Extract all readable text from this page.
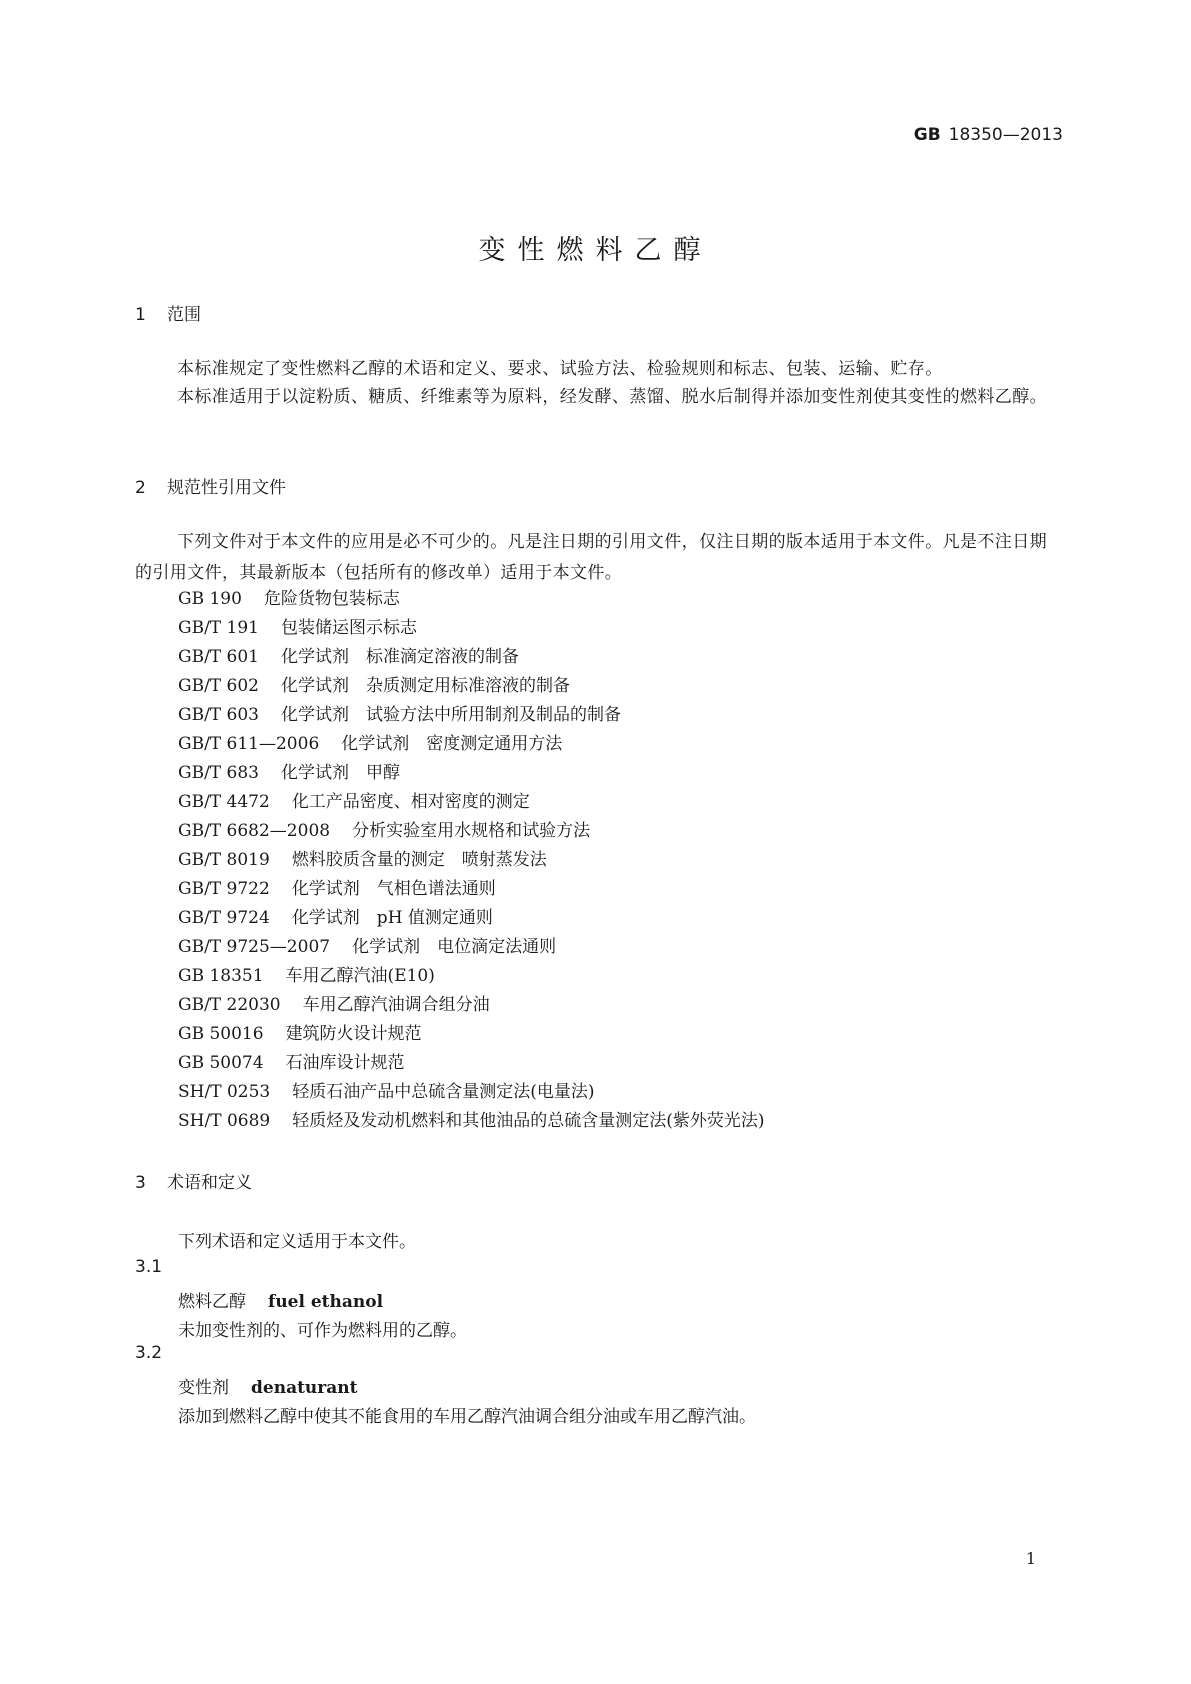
GB 18350—2013
变性燃料乙醇
1 范围
本标准规定了变性燃料乙醇的术语和定义、要求、试验方法、检验规则和标志、包装、运输、贮存。
本标准适用于以淀粉质、糖质、纤维素等为原料，经发酵、蒸馏、脱水后制得并添加变性剂使其变性的燃料乙醇。
2 规范性引用文件
下列文件对于本文件的应用是必不可少的。凡是注日期的引用文件，仅注日期的版本适用于本文件。凡是不注日期的引用文件，其最新版本（包括所有的修改单）适用于本文件。
GB 190 危险货物包装标志
GB/T 191 包装储运图示标志
GB/T 601 化学试剂　标准滴定溶液的制备
GB/T 602 化学试剂　杂质测定用标准溶液的制备
GB/T 603 化学试剂　试验方法中所用制剂及制品的制备
GB/T 611—2006 化学试剂　密度测定通用方法
GB/T 683 化学试剂　甲醇
GB/T 4472 化工产品密度、相对密度的测定
GB/T 6682—2008 分析实验室用水规格和试验方法
GB/T 8019 燃料胶质含量的测定　喷射蒸发法
GB/T 9722 化学试剂　气相色谱法通则
GB/T 9724 化学试剂　pH 值测定通则
GB/T 9725—2007 化学试剂　电位滴定法通则
GB 18351 车用乙醇汽油(E10)
GB/T 22030 车用乙醇汽油调合组分油
GB 50016 建筑防火设计规范
GB 50074 石油库设计规范
SH/T 0253 轻质石油产品中总硫含量测定法(电量法)
SH/T 0689 轻质烃及发动机燃料和其他油品的总硫含量测定法(紫外荧光法)
3 术语和定义
下列术语和定义适用于本文件。
3.1
燃料乙醇 fuel ethanol
未加变性剂的、可作为燃料用的乙醇。
3.2
变性剂 denaturant
添加到燃料乙醇中使其不能食用的车用乙醇汽油调合组分油或车用乙醇汽油。
1
